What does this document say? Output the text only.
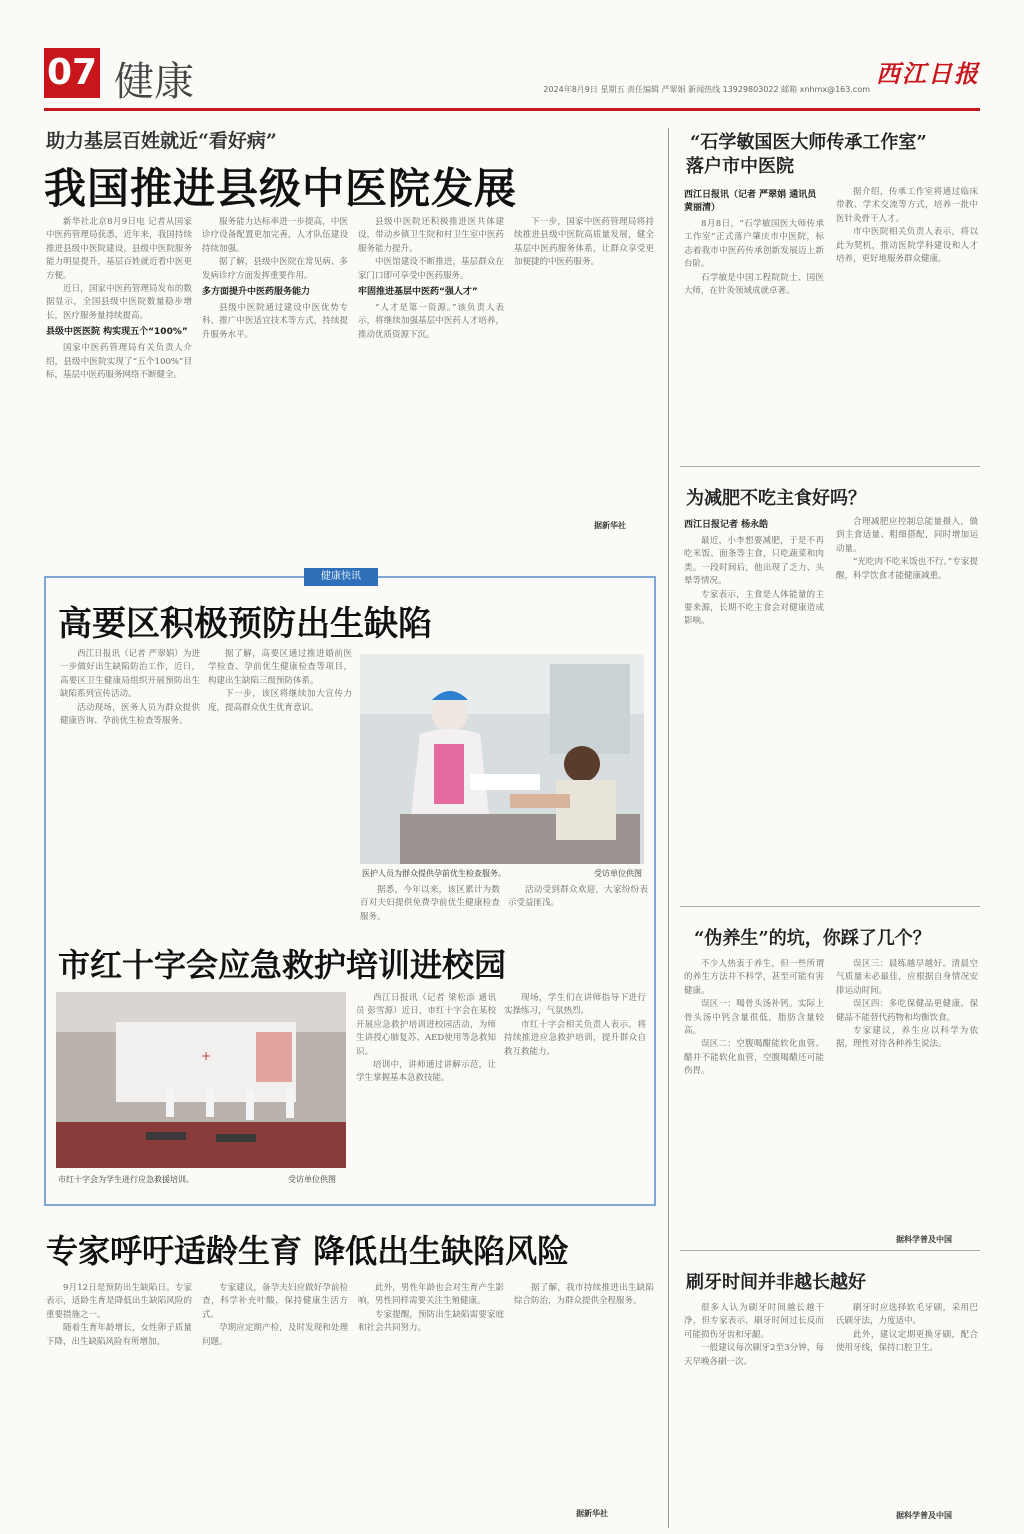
07 健康	2024年8月9日 星期五 责任编辑 严翠娟 新闻热线 13929803022 邮箱 xnhmx@163.com
西江日报
助力基层百姓就近“看好病”
我国推进县级中医院发展

新华社北京8月9日电 记者从国家中医药管理局获悉，近年来，我国持续推进县级中医院建设，县级中医院服务能力明显提升，基层百姓就近看中医更方便。

近日，国家中医药管理局发布的数据显示，全国县级中医院数量稳步增长，医疗服务量持续提高。

县级中医医院 构实现五个“100%”

国家中医药管理局有关负责人介绍，县级中医院实现了“五个100%”目标，基层中医药服务网络不断健全。

服务能力达标率进一步提高，中医诊疗设备配置更加完善，人才队伍建设持续加强。

据了解，县级中医院在常见病、多发病诊疗方面发挥重要作用。

多方面提升中医药服务能力

县级中医院通过建设中医优势专科、推广中医适宜技术等方式，持续提升服务水平。

县级中医院还积极推进医共体建设，带动乡镇卫生院和村卫生室中医药服务能力提升。

中医馆建设不断推进，基层群众在家门口即可享受中医药服务。

牢固推进基层中医药“强人才”

“人才是第一资源。”该负责人表示，将继续加强基层中医药人才培养，推动优质资源下沉。

下一步，国家中医药管理局将持续推进县级中医院高质量发展，健全基层中医药服务体系，让群众享受更加便捷的中医药服务。

据新华社
“石学敏国医大师传承工作室”
落户市中医院
西江日报讯（记者 严翠娟 通讯员 黄丽清）

8月8日，“石学敏国医大师传承工作室”正式落户肇庆市中医院，标志着我市中医药传承创新发展迈上新台阶。

石学敏是中国工程院院士、国医大师，在针灸领域成就卓著。

据介绍，传承工作室将通过临床带教、学术交流等方式，培养一批中医针灸骨干人才。

市中医院相关负责人表示，将以此为契机，推动医院学科建设和人才培养，更好地服务群众健康。

为减肥不吃主食好吗？
西江日报记者 杨永皓

最近，小李想要减肥，于是不再吃米饭、面条等主食，只吃蔬菜和肉类。一段时间后，他出现了乏力、头晕等情况。

专家表示，主食是人体能量的主要来源，长期不吃主食会对健康造成影响。

合理减肥应控制总能量摄入，做到主食适量、粗细搭配，同时增加运动量。

“光吃肉不吃米饭也不行。”专家提醒，科学饮食才能健康减重。

健康快讯
高要区积极预防出生缺陷

西江日报讯（记者 严翠娟）为进一步做好出生缺陷防治工作，近日，高要区卫生健康局组织开展预防出生缺陷系列宣传活动。

活动现场，医务人员为群众提供健康咨询、孕前优生检查等服务。

据了解，高要区通过推进婚前医学检查、孕前优生健康检查等项目，构建出生缺陷三级预防体系。

下一步，该区将继续加大宣传力度，提高群众优生优育意识。

医护人员为群众提供孕前优生检查服务。	受访单位供图

据悉，今年以来，该区累计为数百对夫妇提供免费孕前优生健康检查服务。

活动受到群众欢迎，大家纷纷表示受益匪浅。

市红十字会应急救护培训进校园
+
市红十字会为学生进行应急救援培训。	受访单位供图

西江日报讯（记者 梁松添 通讯员 彭雪源）近日，市红十字会在某校开展应急救护培训进校园活动，为师生讲授心肺复苏、AED使用等急救知识。

培训中，讲师通过讲解示范，让学生掌握基本急救技能。

现场，学生们在讲师指导下进行实操练习，气氛热烈。

市红十字会相关负责人表示，将持续推进应急救护培训，提升群众自救互救能力。

专家呼吁适龄生育 降低出生缺陷风险

9月12日是预防出生缺陷日。专家表示，适龄生育是降低出生缺陷风险的重要措施之一。

随着生育年龄增长，女性卵子质量下降，出生缺陷风险有所增加。

专家建议，备孕夫妇应做好孕前检查，科学补充叶酸，保持健康生活方式。

孕期应定期产检，及时发现和处理问题。

此外，男性年龄也会对生育产生影响，男性同样需要关注生殖健康。

专家提醒，预防出生缺陷需要家庭和社会共同努力。

据了解，我市持续推进出生缺陷综合防治，为群众提供全程服务。

据新华社
“伪养生”的坑，你踩了几个？

不少人热衷于养生，但一些所谓的养生方法并不科学，甚至可能有害健康。

误区一：喝骨头汤补钙。实际上骨头汤中钙含量很低，脂肪含量较高。

误区二：空腹喝醋能软化血管。醋并不能软化血管，空腹喝醋还可能伤胃。

误区三：晨练越早越好。清晨空气质量未必最佳，应根据自身情况安排运动时间。

误区四：多吃保健品更健康。保健品不能替代药物和均衡饮食。

专家建议，养生应以科学为依据，理性对待各种养生说法。

据科学普及中国
刷牙时间并非越长越好

很多人认为刷牙时间越长越干净，但专家表示，刷牙时间过长反而可能损伤牙齿和牙龈。

一般建议每次刷牙2至3分钟，每天早晚各刷一次。

刷牙时应选择软毛牙刷，采用巴氏刷牙法，力度适中。

此外，建议定期更换牙刷，配合使用牙线，保持口腔卫生。

据科学普及中国
